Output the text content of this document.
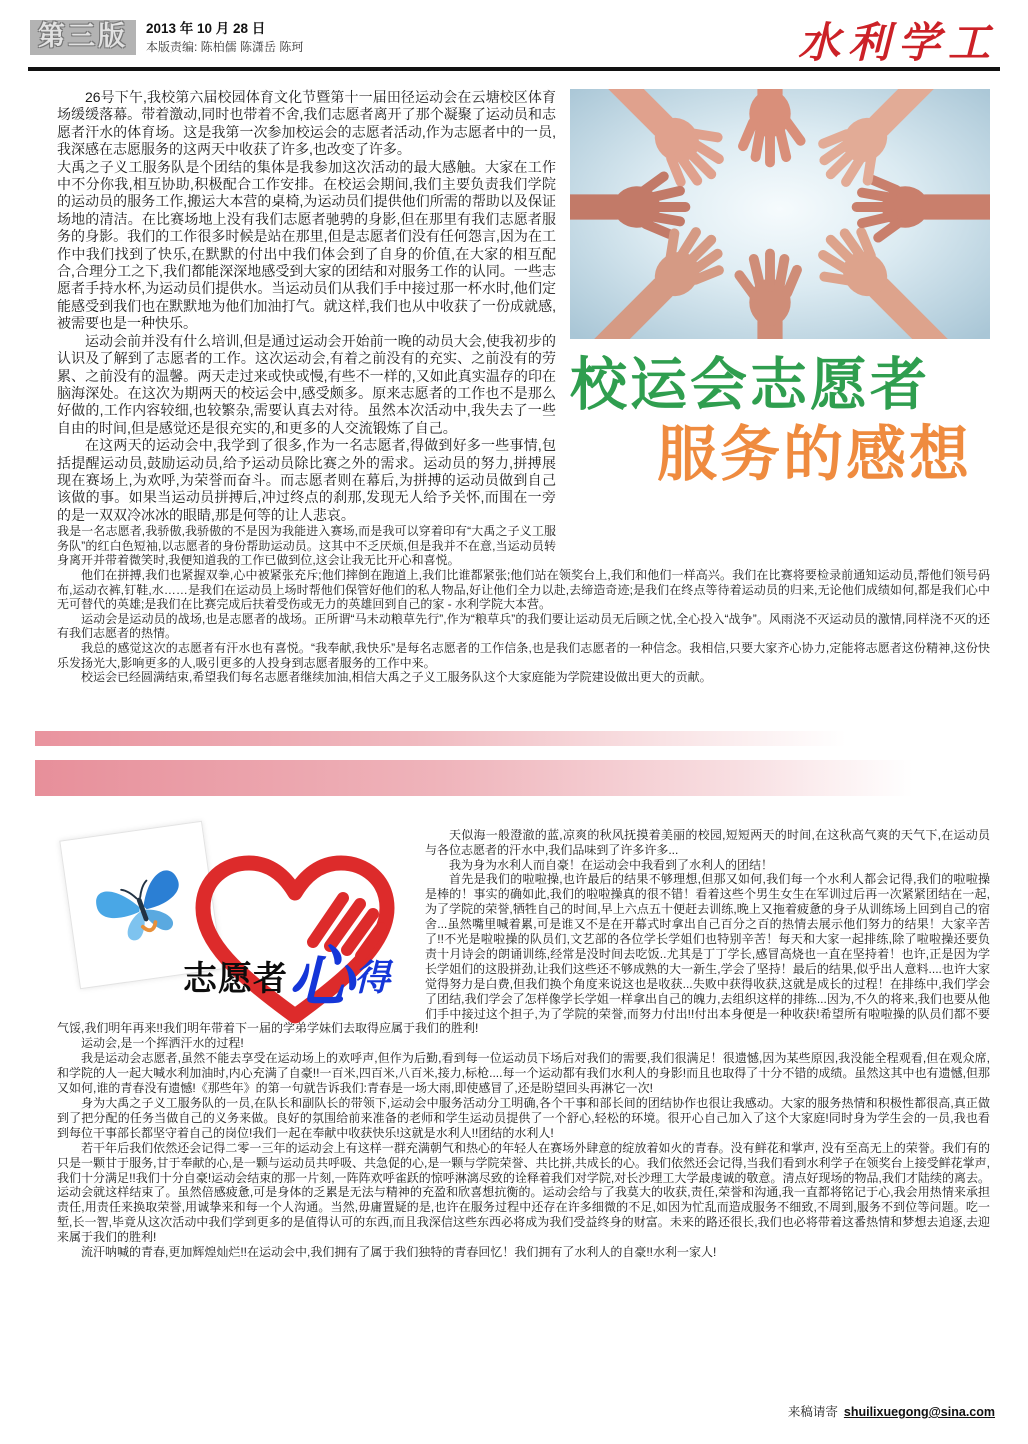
第三版	2013 年 10 月 28 日
本版责编: 陈柏儒 陈潇岳 陈珂	水利学工
校运会志愿者
服务的感想

26号下午,我校第六届校园体育文化节暨第十一届田径运动会在云塘校区体育场缓缓落幕。带着激动,同时也带着不舍,我们志愿者离开了那个凝聚了运动员和志愿者汗水的体育场。这是我第一次参加校运会的志愿者活动,作为志愿者中的一员,我深感在志愿服务的这两天中收获了许多,也改变了许多。

大禹之子义工服务队是个团结的集体是我参加这次活动的最大感触。大家在工作中不分你我,相互协助,积极配合工作安排。在校运会期间,我们主要负责我们学院的运动员的服务工作,搬运大本营的桌椅,为运动员们提供他们所需的帮助以及保证场地的清洁。在比赛场地上没有我们志愿者驰骋的身影,但在那里有我们志愿者服务的身影。我们的工作很多时候是站在那里,但是志愿者们没有任何怨言,因为在工作中我们找到了快乐,在默默的付出中我们体会到了自身的价值,在大家的相互配合,合理分工之下,我们都能深深地感受到大家的团结和对服务工作的认同。一些志愿者手持水杯,为运动员们提供水。当运动员们从我们手中接过那一杯水时,他们定能感受到我们也在默默地为他们加油打气。就这样,我们也从中收获了一份成就感,被需要也是一种快乐。

运动会前并没有什么培训,但是通过运动会开始前一晚的动员大会,使我初步的认识及了解到了志愿者的工作。这次运动会,有着之前没有的充实、之前没有的劳累、之前没有的温馨。两天走过来或快或慢,有些不一样的,又如此真实温存的印在脑海深处。在这次为期两天的校运会中,感受颇多。原来志愿者的工作也不是那么好做的,工作内容较细,也较繁杂,需要认真去对待。虽然本次活动中,我失去了一些自由的时间,但是感觉还是很充实的,和更多的人交流锻炼了自己。

在这两天的运动会中,我学到了很多,作为一名志愿者,得做到好多一些事情,包括提醒运动员,鼓励运动员,给予运动员除比赛之外的需求。运动员的努力,拼搏展现在赛场上,为欢呼,为荣誉而奋斗。而志愿者则在幕后,为拼搏的运动员做到自己该做的事。如果当运动员拼搏后,冲过终点的刹那,发现无人给予关怀,而围在一旁的是一双双冷冰冰的眼睛,那是何等的让人悲哀。

我是一名志愿者,我骄傲,我骄傲的不是因为我能进入赛场,而是我可以穿着印有“大禹之子义工服务队”的红白色短袖,以志愿者的身份帮助运动员。这其中不乏厌烦,但是我并不在意,当运动员转身离开并带着微笑时,我便知道我的工作已做到位,这会让我无比开心和喜悦。

他们在拼搏,我们也紧握双拳,心中被紧张充斥;他们摔倒在跑道上,我们比谁都紧张;他们站在领奖台上,我们和他们一样高兴。我们在比赛将要检录前通知运动员,帮他们领号码布,运动衣裤,钉鞋,水……是我们在运动员上场时帮他们保管好他们的私人物品,好让他们全力以赴,去缔造奇迹;是我们在终点等待着运动员的归来,无论他们成绩如何,都是我们心中无可替代的英雄;是我们在比赛完成后扶着受伤或无力的英雄回到自己的家 - 水利学院大本营。

运动会是运动员的战场,也是志愿者的战场。正所谓“马未动粮草先行”,作为“粮草兵”的我们要让运动员无后顾之忧,全心投入“战争”。风雨浇不灭运动员的激情,同样浇不灭的还有我们志愿者的热情。

我总的感觉这次的志愿者有汗水也有喜悦。“我奉献,我快乐”是每名志愿者的工作信条,也是我们志愿者的一种信念。我相信,只要大家齐心协力,定能将志愿者这份精神,这份快乐发扬光大,影响更多的人,吸引更多的人投身到志愿者服务的工作中来。

校运会已经圆满结束,希望我们每名志愿者继续加油,相信大禹之子义工服务队这个大家庭能为学院建设做出更大的贡献。

志愿者心得

天似海一般澄澈的蓝,凉爽的秋风抚摸着美丽的校园,短短两天的时间,在这秋高气爽的天气下,在运动员与各位志愿者的汗水中,我们品味到了许多许多...

我为身为水利人而自豪！在运动会中我看到了水利人的团结！

首先是我们的啦啦操,也许最后的结果不够理想,但那又如何,我们每一个水利人都会记得,我们的啦啦操是棒的！事实的确如此,我们的啦啦操真的很不错！看着这些个男生女生在军训过后再一次紧紧团结在一起,为了学院的荣誉,牺牲自己的时间,早上六点五十便赶去训练,晚上又拖着疲惫的身子从训练场上回到自己的宿舍...虽然嘴里喊着累,可是谁又不是在开幕式时拿出自己百分之百的热情去展示他们努力的结果！大家辛苦了!!不光是啦啦操的队员们,文艺部的各位学长学姐们也特别辛苦！每天和大家一起排练,除了啦啦操还要负责十月诗会的朗诵训练,经常是没时间去吃饭..尤其是丁丁学长,感冒高烧也一直在坚持着！也许,正是因为学长学姐们的这股拼劲,让我们这些还不够成熟的大一新生,学会了坚持！最后的结果,似乎出人意料....也许大家觉得努力是白费,但我们换个角度来说这也是收获...失败中获得收获,这就是成长的过程！在排练中,我们学会了团结,我们学会了怎样像学长学姐一样拿出自己的魄力,去组织这样的排练...因为,不久的将来,我们也要从他们手中接过这个担子,为了学院的荣誉,而努力付出!!付出本身便是一种收获!希望所有啦啦操的队员们都不要气馁,我们明年再来!!我们明年带着下一届的学弟学妹们去取得应属于我们的胜利!

运动会,是一个挥洒汗水的过程!

我是运动会志愿者,虽然不能去享受在运动场上的欢呼声,但作为后勤,看到每一位运动员下场后对我们的需要,我们很满足！很遗憾,因为某些原因,我没能全程观看,但在观众席,和学院的人一起大喊水利加油时,内心充满了自豪!!一百米,四百米,八百米,接力,标枪....每一个运动都有我们水利人的身影!而且也取得了十分不错的成绩。虽然这其中也有遗憾,但那又如何,谁的青春没有遗憾!《那些年》的第一句就告诉我们:青春是一场大雨,即使感冒了,还是盼望回头再淋它一次!

身为大禹之子义工服务队的一员,在队长和副队长的带领下,运动会中服务活动分工明确,各个干事和部长间的团结协作也很让我感动。大家的服务热情和积极性都很高,真正做到了把分配的任务当做自己的义务来做。良好的氛围给前来准备的老师和学生运动员提供了一个舒心,轻松的环境。很开心自己加入了这个大家庭!同时身为学生会的一员,我也看到每位干事部长都坚守着自己的岗位!我们一起在奉献中收获快乐!这就是水利人!!团结的水利人!

若干年后我们依然还会记得二零一三年的运动会上有这样一群充满朝气和热心的年轻人在赛场外肆意的绽放着如火的青春。没有鲜花和掌声, 没有至高无上的荣誉。我们有的只是一颗甘于服务,甘于奉献的心,是一颗与运动员共呼吸、共急促的心,是一颗与学院荣誉、共比拼,共成长的心。我们依然还会记得,当我们看到水利学子在领奖台上接受鲜花掌声,我们十分满足!!我们十分自豪!运动会结束的那一片刻,一阵阵欢呼雀跃的惊呼淋漓尽致的诠释着我们对学院,对长沙理工大学最虔诚的敬意。清点好现场的物品,我们才陆续的离去。运动会就这样结束了。虽然倍感疲惫,可是身体的乏累是无法与精神的充盈和欣喜想抗衡的。运动会给与了我莫大的收获,责任,荣誉和沟通,我一直都将铭记于心,我会用热情来承担责任,用责任来换取荣誉,用诚挚来和每一个人沟通。当然,毋庸置疑的是,也许在服务过程中还存在许多细微的不足,如因为忙乱而造成服务不细致,不周到,服务不到位等问题。吃一堑,长一智,毕竟从这次活动中我们学到更多的是值得认可的东西,而且我深信这些东西必将成为我们受益终身的财富。未来的路还很长,我们也必将带着这番热情和梦想去追逐,去迎来属于我们的胜利!

流汗呐喊的青春,更加辉煌灿烂!!在运动会中,我们拥有了属于我们独特的青春回忆！我们拥有了水利人的自豪!!水利一家人!

来稿请寄 shuilixuegong@sina.com
